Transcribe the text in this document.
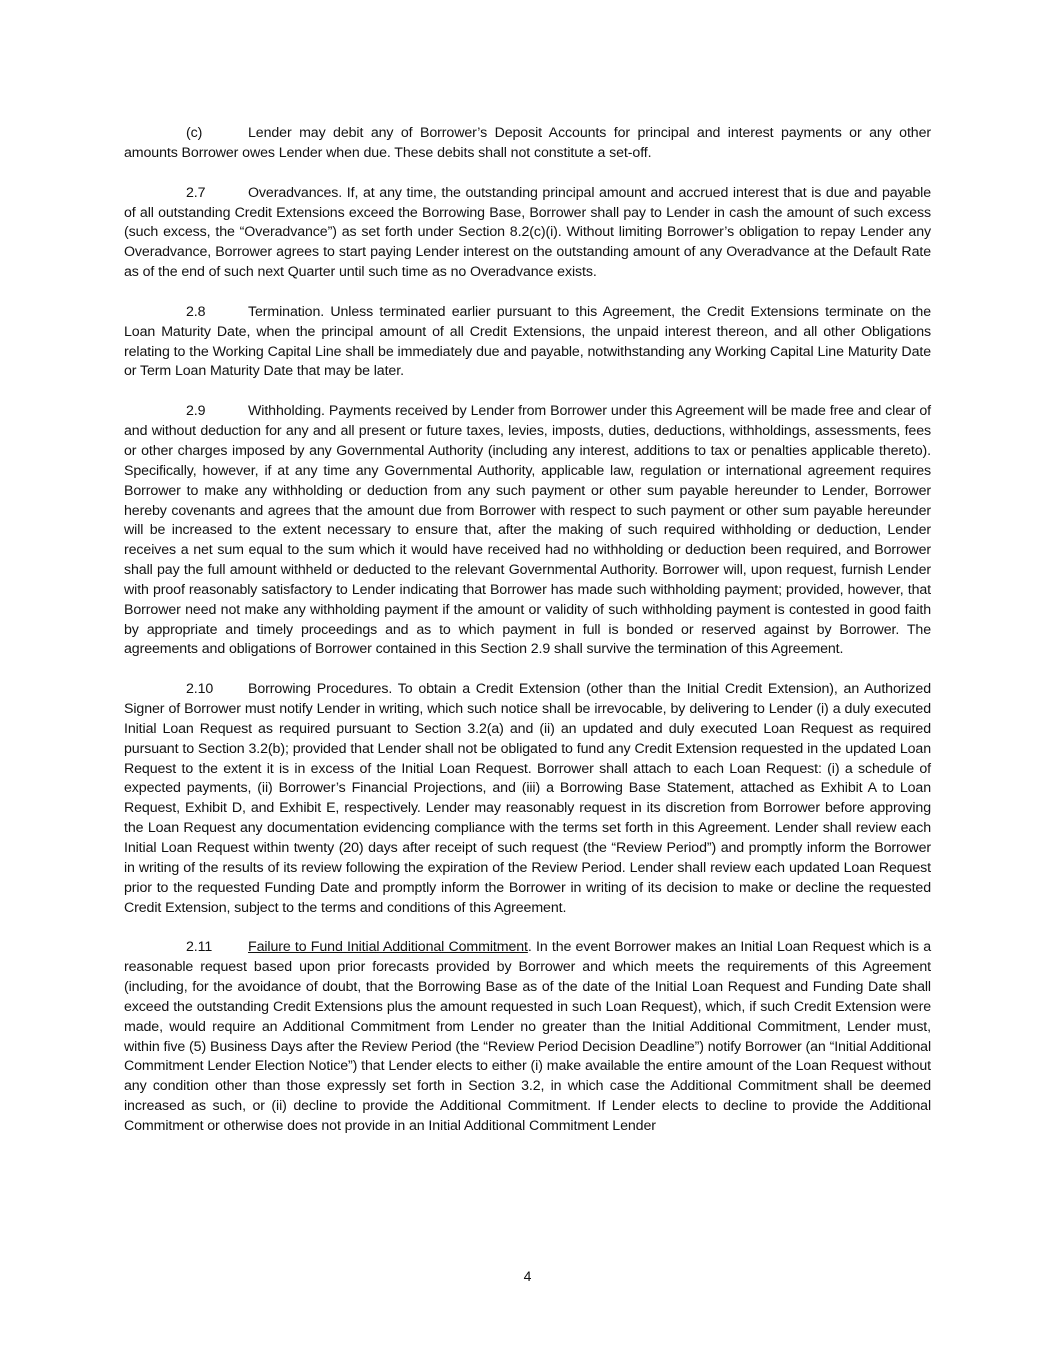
(c)	Lender may debit any of Borrower’s Deposit Accounts for principal and interest payments or any other amounts Borrower owes Lender when due. These debits shall not constitute a set-off.

2.7	Overadvances. If, at any time, the outstanding principal amount and accrued interest that is due and payable of all outstanding Credit Extensions exceed the Borrowing Base, Borrower shall pay to Lender in cash the amount of such excess (such excess, the “Overadvance”) as set forth under Section 8.2(c)(i). Without limiting Borrower’s obligation to repay Lender any Overadvance, Borrower agrees to start paying Lender interest on the outstanding amount of any Overadvance at the Default Rate as of the end of such next Quarter until such time as no Overadvance exists.

2.8	Termination. Unless terminated earlier pursuant to this Agreement, the Credit Extensions terminate on the Loan Maturity Date, when the principal amount of all Credit Extensions, the unpaid interest thereon, and all other Obligations relating to the Working Capital Line shall be immediately due and payable, notwithstanding any Working Capital Line Maturity Date or Term Loan Maturity Date that may be later.

2.9	Withholding. Payments received by Lender from Borrower under this Agreement will be made free and clear of and without deduction for any and all present or future taxes, levies, imposts, duties, deductions, withholdings, assessments, fees or other charges imposed by any Governmental Authority (including any interest, additions to tax or penalties applicable thereto). Specifically, however, if at any time any Governmental Authority, applicable law, regulation or international agreement requires Borrower to make any withholding or deduction from any such payment or other sum payable hereunder to Lender, Borrower hereby covenants and agrees that the amount due from Borrower with respect to such payment or other sum payable hereunder will be increased to the extent necessary to ensure that, after the making of such required withholding or deduction, Lender receives a net sum equal to the sum which it would have received had no withholding or deduction been required, and Borrower shall pay the full amount withheld or deducted to the relevant Governmental Authority. Borrower will, upon request, furnish Lender with proof reasonably satisfactory to Lender indicating that Borrower has made such withholding payment; provided, however, that Borrower need not make any withholding payment if the amount or validity of such withholding payment is contested in good faith by appropriate and timely proceedings and as to which payment in full is bonded or reserved against by Borrower. The agreements and obligations of Borrower contained in this Section 2.9 shall survive the termination of this Agreement.

2.10 Borrowing Procedures. To obtain a Credit Extension (other than the Initial Credit Extension), an Authorized Signer of Borrower must notify Lender in writing, which such notice shall be irrevocable, by delivering to Lender (i) a duly executed Initial Loan Request as required pursuant to Section 3.2(a) and (ii) an updated and duly executed Loan Request as required pursuant to Section 3.2(b); provided that Lender shall not be obligated to fund any Credit Extension requested in the updated Loan Request to the extent it is in excess of the Initial Loan Request. Borrower shall attach to each Loan Request: (i) a schedule of expected payments, (ii) Borrower’s Financial Projections, and (iii) a Borrowing Base Statement, attached as Exhibit A to Loan Request, Exhibit D, and Exhibit E, respectively. Lender may reasonably request in its discretion from Borrower before approving the Loan Request any documentation evidencing compliance with the terms set forth in this Agreement. Lender shall review each Initial Loan Request within twenty (20) days after receipt of such request (the “Review Period”) and promptly inform the Borrower in writing of the results of its review following the expiration of the Review Period. Lender shall review each updated Loan Request prior to the requested Funding Date and promptly inform the Borrower in writing of its decision to make or decline the requested Credit Extension, subject to the terms and conditions of this Agreement.

2.11	Failure to Fund Initial Additional Commitment. In the event Borrower makes an Initial Loan Request which is a reasonable request based upon prior forecasts provided by Borrower and which meets the requirements of this Agreement (including, for the avoidance of doubt, that the Borrowing Base as of the date of the Initial Loan Request and Funding Date shall exceed the outstanding Credit Extensions plus the amount requested in such Loan Request), which, if such Credit Extension were made, would require an Additional Commitment from Lender no greater than the Initial Additional Commitment, Lender must, within five (5) Business Days after the Review Period (the “Review Period Decision Deadline”) notify Borrower (an “Initial Additional Commitment Lender Election Notice”) that Lender elects to either (i) make available the entire amount of the Loan Request without any condition other than those expressly set forth in Section 3.2, in which case the Additional Commitment shall be deemed increased as such, or (ii) decline to provide the Additional Commitment. If Lender elects to decline to provide the Additional Commitment or otherwise does not provide in an Initial Additional Commitment Lender

4
